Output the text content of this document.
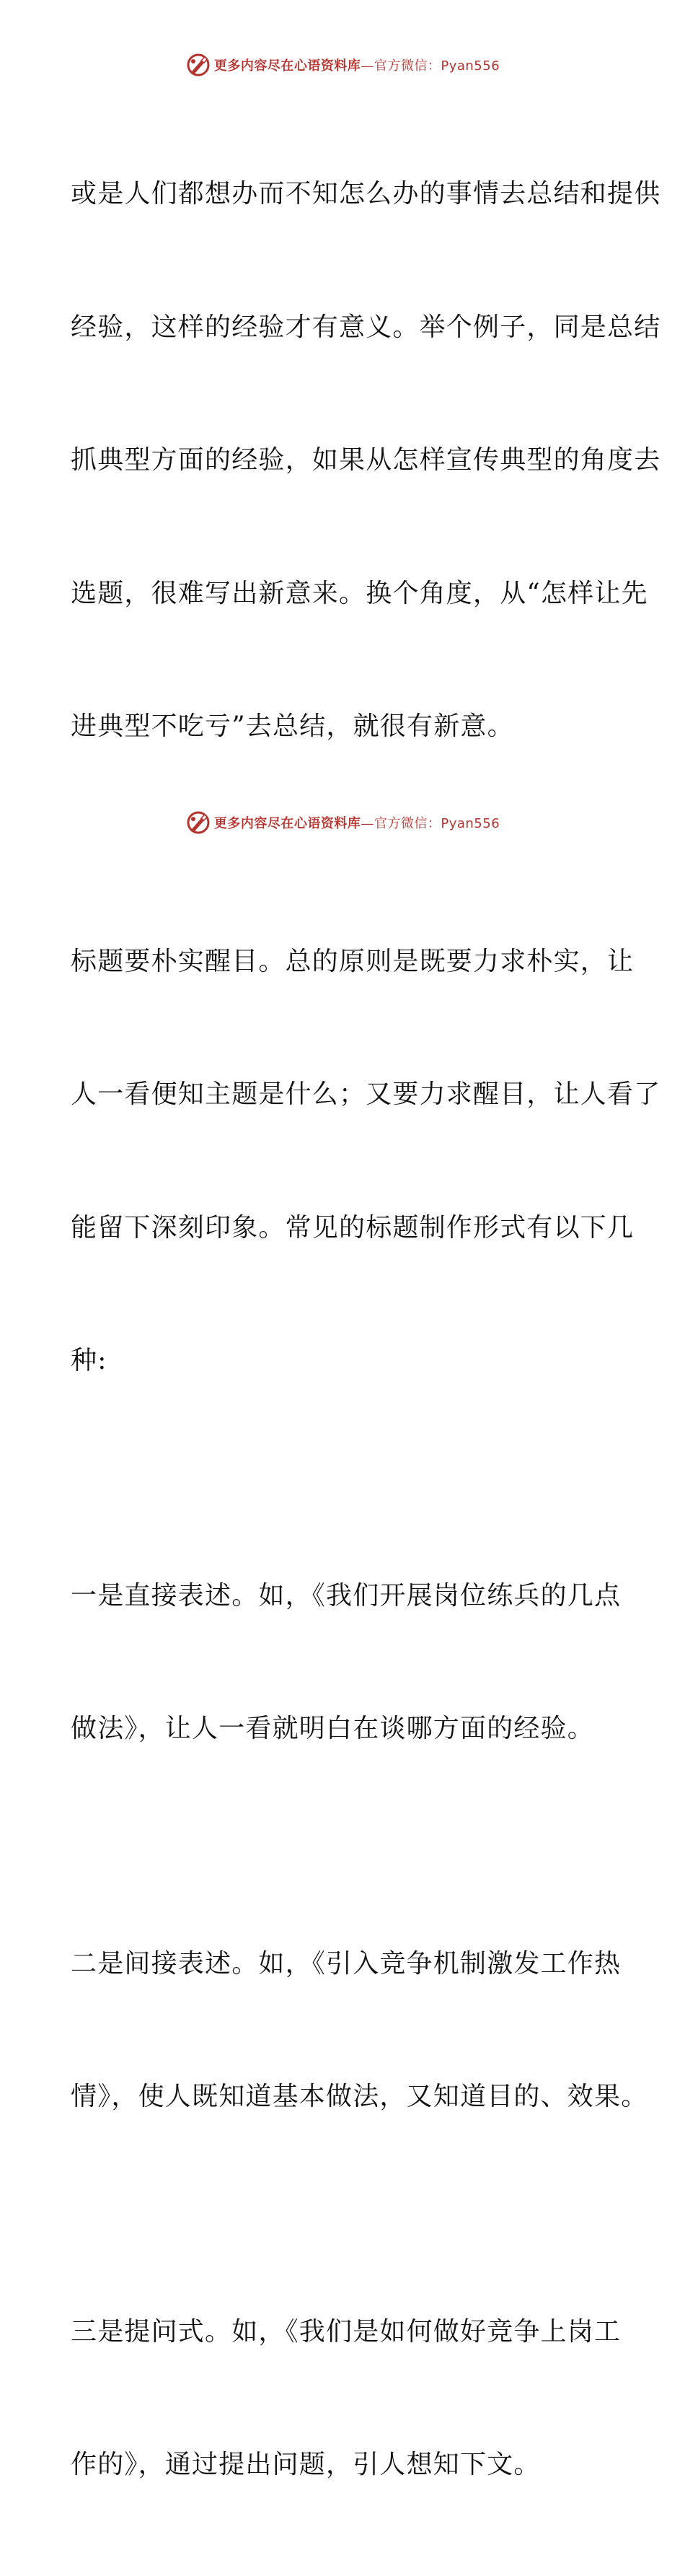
更多内容尽在心语资料库—官方微信：Pyan556

或是人们都想办而不知怎么办的事情去总结和提供

经验，这样的经验才有意义。举个例子，同是总结

抓典型方面的经验，如果从怎样宣传典型的角度去

选题，很难写出新意来。换个角度，从“怎样让先

进典型不吃亏”去总结，就很有新意。

标题要朴实醒目。总的原则是既要力求朴实，让

人一看便知主题是什么；又要力求醒目，让人看了

能留下深刻印象。常见的标题制作形式有以下几

种:

一是直接表述。如，《我们开展岗位练兵的几点

做法》，让人一看就明白在谈哪方面的经验。

二是间接表述。如，《引入竞争机制激发工作热

情》，使人既知道基本做法，又知道目的、效果。

三是提问式。如，《我们是如何做好竞争上岗工

作的》，通过提出问题，引人想知下文。

更多内容尽在心语资料库—官方微信：Pyan556
